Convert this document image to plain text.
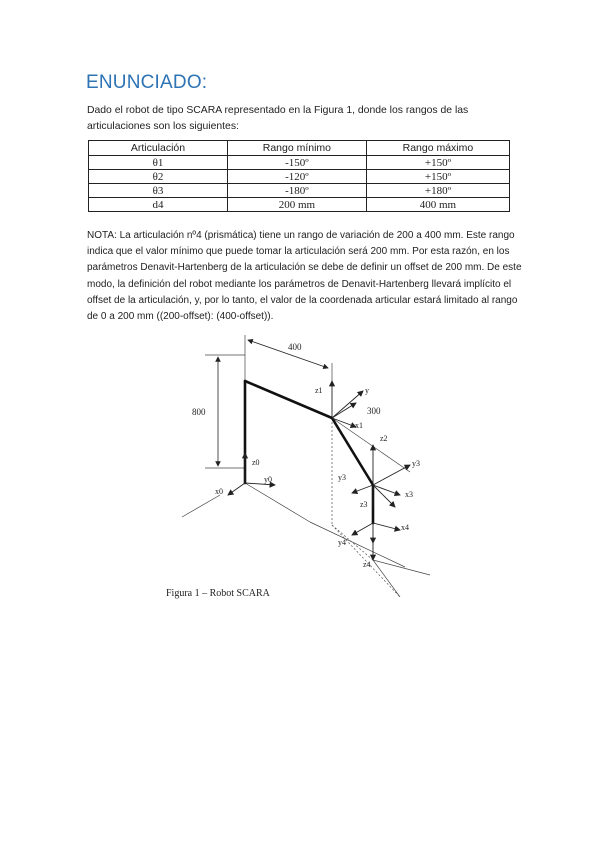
ENUNCIADO:

Dado el robot de tipo SCARA representado en la Figura 1, donde los rangos de las articulaciones son los siguientes:

Articulación	Rango mínimo	Rango máximo
θ1	-150º	+150º
θ2	-120º	+150º
θ3	-180º	+180º
d4	200 mm	400 mm

NOTA: La articulación nº4 (prismática) tiene un rango de variación de 200 a 400 mm. Este rango indica que el valor mínimo que puede tomar la articulación será 200 mm. Por esta razón, en los parámetros Denavit-Hartenberg de la articulación se debe de definir un offset de 200 mm. De este modo, la definición del robot mediante los parámetros de Denavit-Hartenberg llevará implícito el offset de la articulación, y, por lo tanto, el valor de la coordenada articular estará limitado al rango de 0 a 200 mm ((200-offset): (400-offset)).

400
800	300
z0
y0
x0
z1	y
x1
z2
y3
y3
x3
z3
x4
y4
z4
Figura 1 – Robot SCARA
